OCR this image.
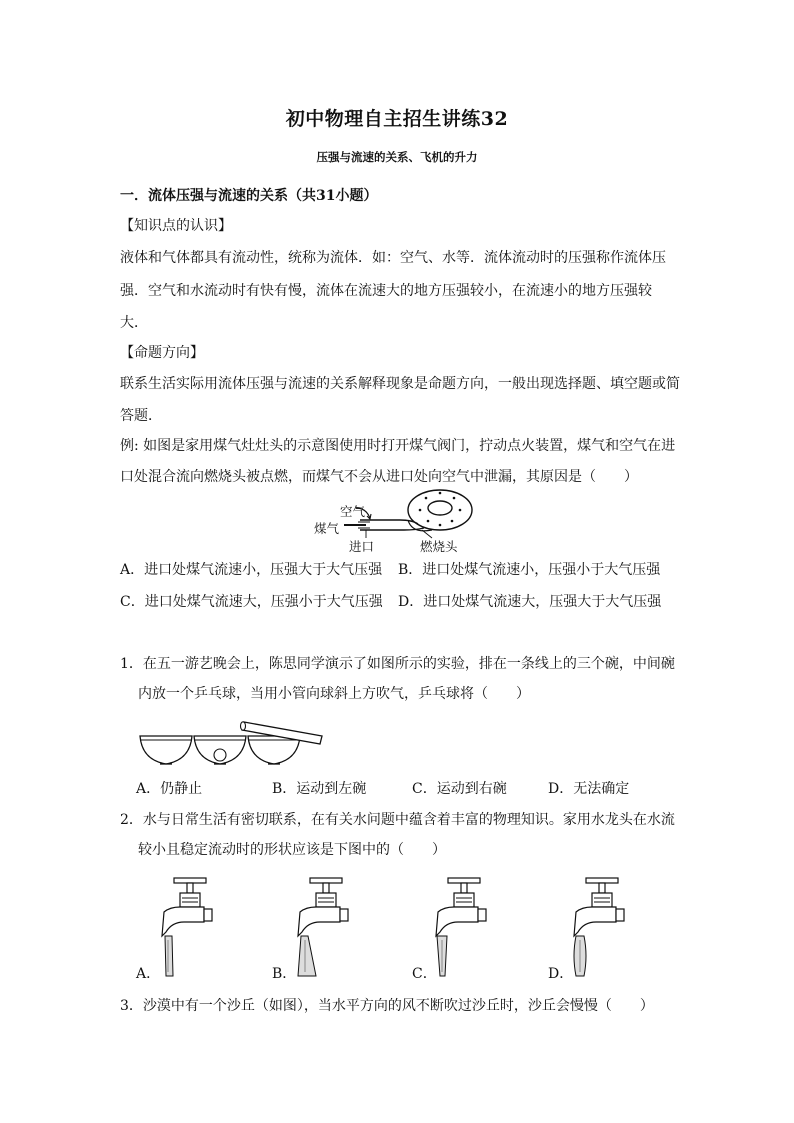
初中物理自主招生讲练32
压强与流速的关系、飞机的升力
一．流体压强与流速的关系（共31小题）
【知识点的认识】
液体和气体都具有流动性，统称为流体．如：空气、水等．流体流动时的压强称作流体压
强．空气和水流动时有快有慢，流体在流速大的地方压强较小，在流速小的地方压强较
大．
【命题方向】
联系生活实际用流体压强与流速的关系解释现象是命题方向，一般出现选择题、填空题或简
答题．
例: 如图是家用煤气灶灶头的示意图使用时打开煤气阀门，拧动点火装置，煤气和空气在进
口处混合流向燃烧头被点燃，而煤气不会从进口处向空气中泄漏，其原因是（　　）
空气
煤气
进口	燃烧头
A．进口处煤气流速小，压强大于大气压强 B．进口处煤气流速小，压强小于大气压强
C．进口处煤气流速大，压强小于大气压强 D．进口处煤气流速大，压强大于大气压强
1．在五一游艺晚会上，陈思同学演示了如图所示的实验，排在一条线上的三个碗，中间碗
内放一个乒乓球，当用小管向球斜上方吹气，乒乓球将（　　）
A．仍静止	B．运动到左碗	C．运动到右碗	D．无法确定
2．水与日常生活有密切联系，在有关水问题中蕴含着丰富的物理知识。家用水龙头在水流
较小且稳定流动时的形状应该是下图中的（　　）
A．	B．	C．	D．
3．沙漠中有一个沙丘（如图），当水平方向的风不断吹过沙丘时，沙丘会慢慢（　　）
